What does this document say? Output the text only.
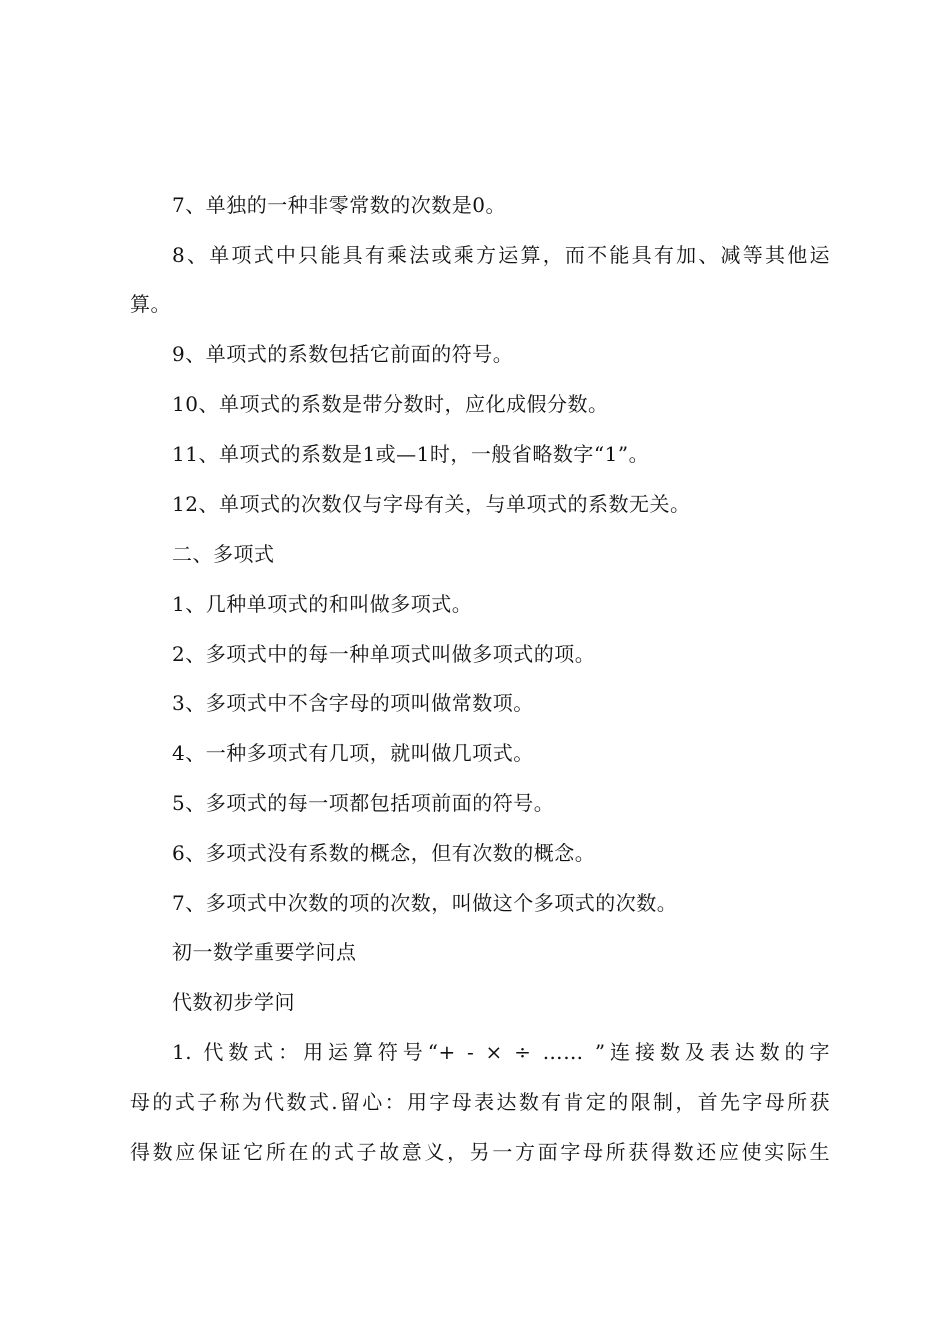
7、单独的一种非零常数的次数是0。
8、单项式中只能具有乘法或乘方运算，而不能具有加、减等其他运
算。
9、单项式的系数包括它前面的符号。
10、单项式的系数是带分数时，应化成假分数。
11、单项式的系数是1或—1时，一般省略数字“1”。
12、单项式的次数仅与字母有关，与单项式的系数无关。
二、多项式
1、几种单项式的和叫做多项式。
2、多项式中的每一种单项式叫做多项式的项。
3、多项式中不含字母的项叫做常数项。
4、一种多项式有几项，就叫做几项式。
5、多项式的每一项都包括项前面的符号。
6、多项式没有系数的概念，但有次数的概念。
7、多项式中次数的项的次数，叫做这个多项式的次数。
初一数学重要学问点
代数初步学问
1. 代数式：用运算符号“+ - × ÷ …… ”连接数及表达数的字
母的式子称为代数式.留心：用字母表达数有肯定的限制，首先字母所获
得数应保证它所在的式子故意义，另一方面字母所获得数还应使实际生
